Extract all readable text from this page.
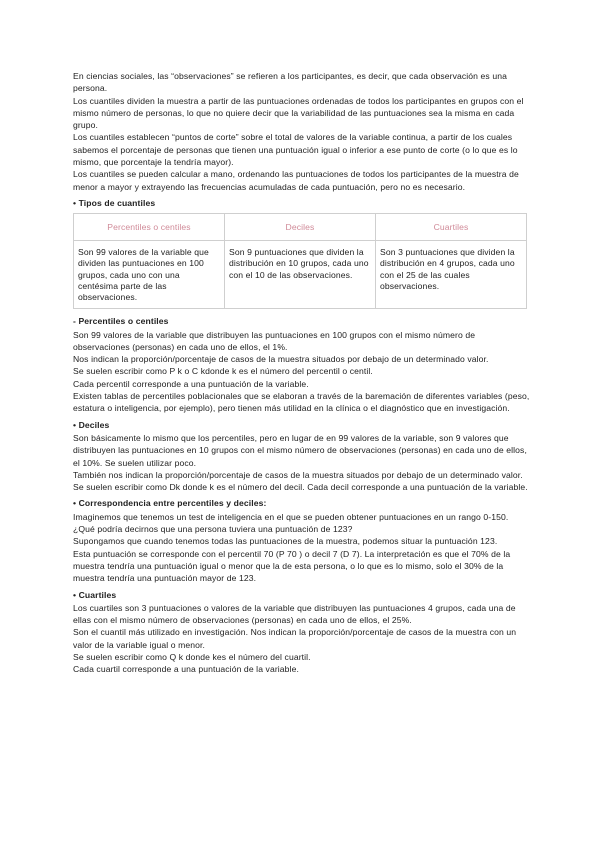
En ciencias sociales, las “observaciones” se refieren a los participantes, es decir, que cada observación es una persona.

Los cuantiles dividen la muestra a partir de las puntuaciones ordenadas de todos los participantes en grupos con el mismo número de personas, lo que no quiere decir que la variabilidad de las puntuaciones sea la misma en cada grupo.

Los cuantiles establecen “puntos de corte” sobre el total de valores de la variable continua, a partir de los cuales sabemos el porcentaje de personas que tienen una puntuación igual o inferior a ese punto de corte (o lo que es lo mismo, que porcentaje la tendría mayor).

Los cuantiles se pueden calcular a mano, ordenando las puntuaciones de todos los participantes de la muestra de menor a mayor y extrayendo las frecuencias acumuladas de cada puntuación, pero no es necesario.

• Tipos de cuantiles

Percentiles o centiles	Deciles	Cuartiles
Son 99 valores de la variable que dividen las puntuaciones en 100 grupos, cada uno con una centésima parte de las observaciones.	Son 9 puntuaciones que dividen la distribución en 10 grupos, cada uno con el 10 de las observaciones.	Son 3 puntuaciones que dividen la distribución en 4 grupos, cada uno con el 25 de las cuales observaciones.

- Percentiles o centiles

Son 99 valores de la variable que distribuyen las puntuaciones en 100 grupos con el mismo número de observaciones (personas) en cada uno de ellos, el 1%.

Nos indican la proporción/porcentaje de casos de la muestra situados por debajo de un determinado valor.

Se suelen escribir como P k o C kdonde k es el número del percentil o centil.

Cada percentil corresponde a una puntuación de la variable.

Existen tablas de percentiles poblacionales que se elaboran a través de la baremación de diferentes variables (peso, estatura o inteligencia, por ejemplo), pero tienen más utilidad en la clínica o el diagnóstico que en investigación.

• Deciles

Son básicamente lo mismo que los percentiles, pero en lugar de en 99 valores de la variable, son 9 valores que distribuyen las puntuaciones en 10 grupos con el mismo número de observaciones (personas) en cada uno de ellos, el 10%. Se suelen utilizar poco.

También nos indican la proporción/porcentaje de casos de la muestra situados por debajo de un determinado valor.

Se suelen escribir como Dk donde k es el número del decil. Cada decil corresponde a una puntuación de la variable.

• Correspondencia entre percentiles y deciles:

Imaginemos que tenemos un test de inteligencia en el que se pueden obtener puntuaciones en un rango 0-150.

¿Qué podría decirnos que una persona tuviera una puntuación de 123?

Supongamos que cuando tenemos todas las puntuaciones de la muestra, podemos situar la puntuación 123.

Esta puntuación se corresponde con el percentil 70 (P 70 ) o decil 7 (D 7). La interpretación es que el 70% de la muestra tendría una puntuación igual o menor que la de esta persona, o lo que es lo mismo, solo el 30% de la muestra tendría una puntuación mayor de 123.

• Cuartiles

Los cuartiles son 3 puntuaciones o valores de la variable que distribuyen las puntuaciones 4 grupos, cada una de ellas con el mismo número de observaciones (personas) en cada uno de ellos, el 25%.

Son el cuantil más utilizado en investigación. Nos indican la proporción/porcentaje de casos de la muestra con un valor de la variable igual o menor.

Se suelen escribir como Q k donde kes el número del cuartil.

Cada cuartil corresponde a una puntuación de la variable.
